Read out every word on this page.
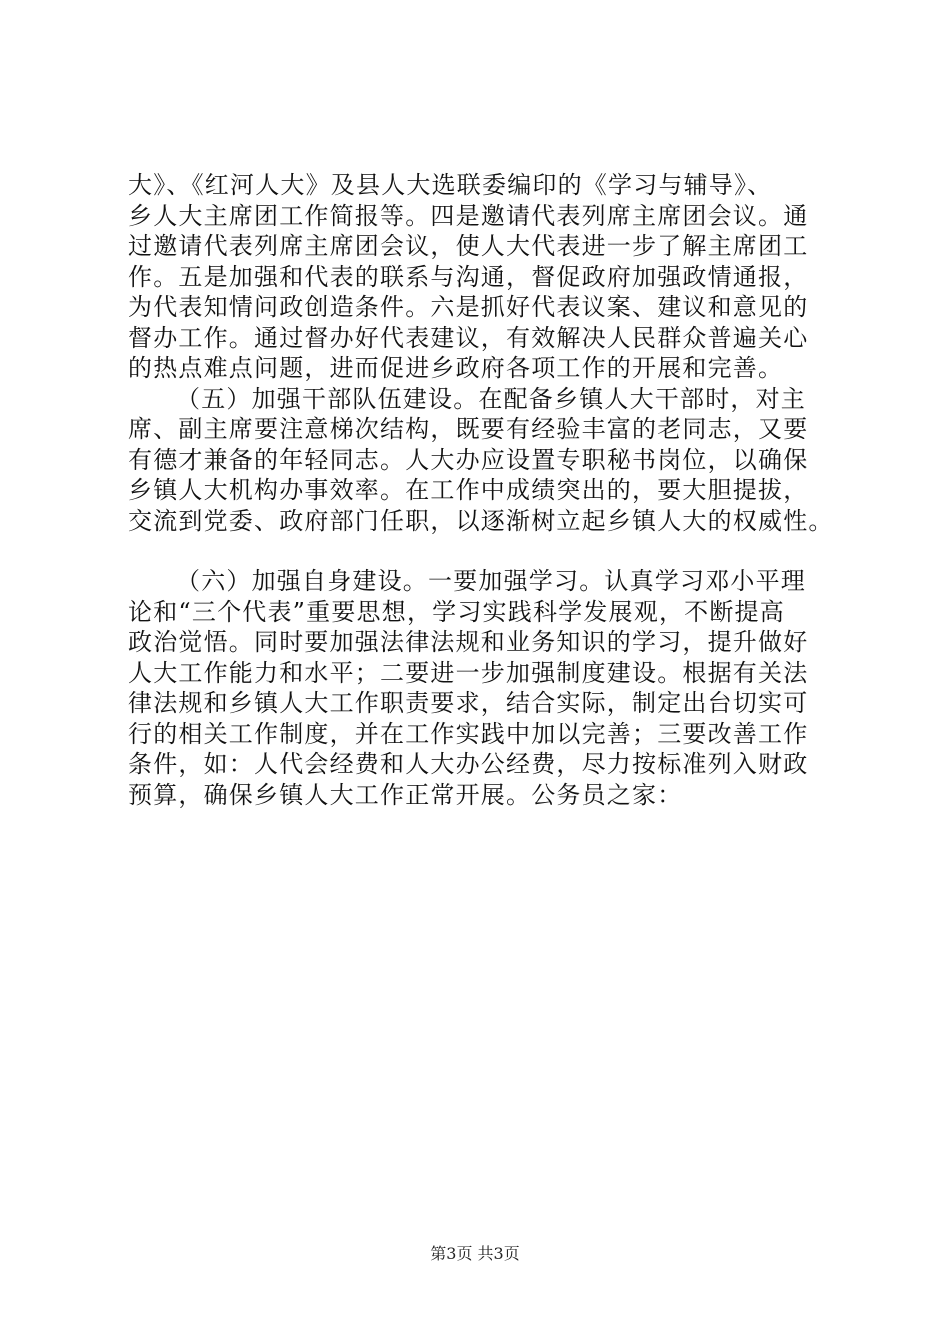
大》、《红河人大》及县人大选联委编印的《学习与辅导》、
乡人大主席团工作简报等。四是邀请代表列席主席团会议。通
过邀请代表列席主席团会议，使人大代表进一步了解主席团工
作。五是加强和代表的联系与沟通，督促政府加强政情通报，
为代表知情问政创造条件。六是抓好代表议案、建议和意见的
督办工作。通过督办好代表建议，有效解决人民群众普遍关心
的热点难点问题，进而促进乡政府各项工作的开展和完善。
（五）加强干部队伍建设。在配备乡镇人大干部时，对主
席、副主席要注意梯次结构，既要有经验丰富的老同志，又要
有德才兼备的年轻同志。人大办应设置专职秘书岗位，以确保
乡镇人大机构办事效率。在工作中成绩突出的，要大胆提拔，
交流到党委、政府部门任职，以逐渐树立起乡镇人大的权威性。
（六）加强自身建设。一要加强学习。认真学习邓小平理
论和“三个代表”重要思想，学习实践科学发展观，不断提高
政治觉悟。同时要加强法律法规和业务知识的学习，提升做好
人大工作能力和水平；二要进一步加强制度建设。根据有关法
律法规和乡镇人大工作职责要求，结合实际，制定出台切实可
行的相关工作制度，并在工作实践中加以完善；三要改善工作
条件，如：人代会经费和人大办公经费，尽力按标准列入财政
预算，确保乡镇人大工作正常开展。公务员之家：
第3页 共3页
